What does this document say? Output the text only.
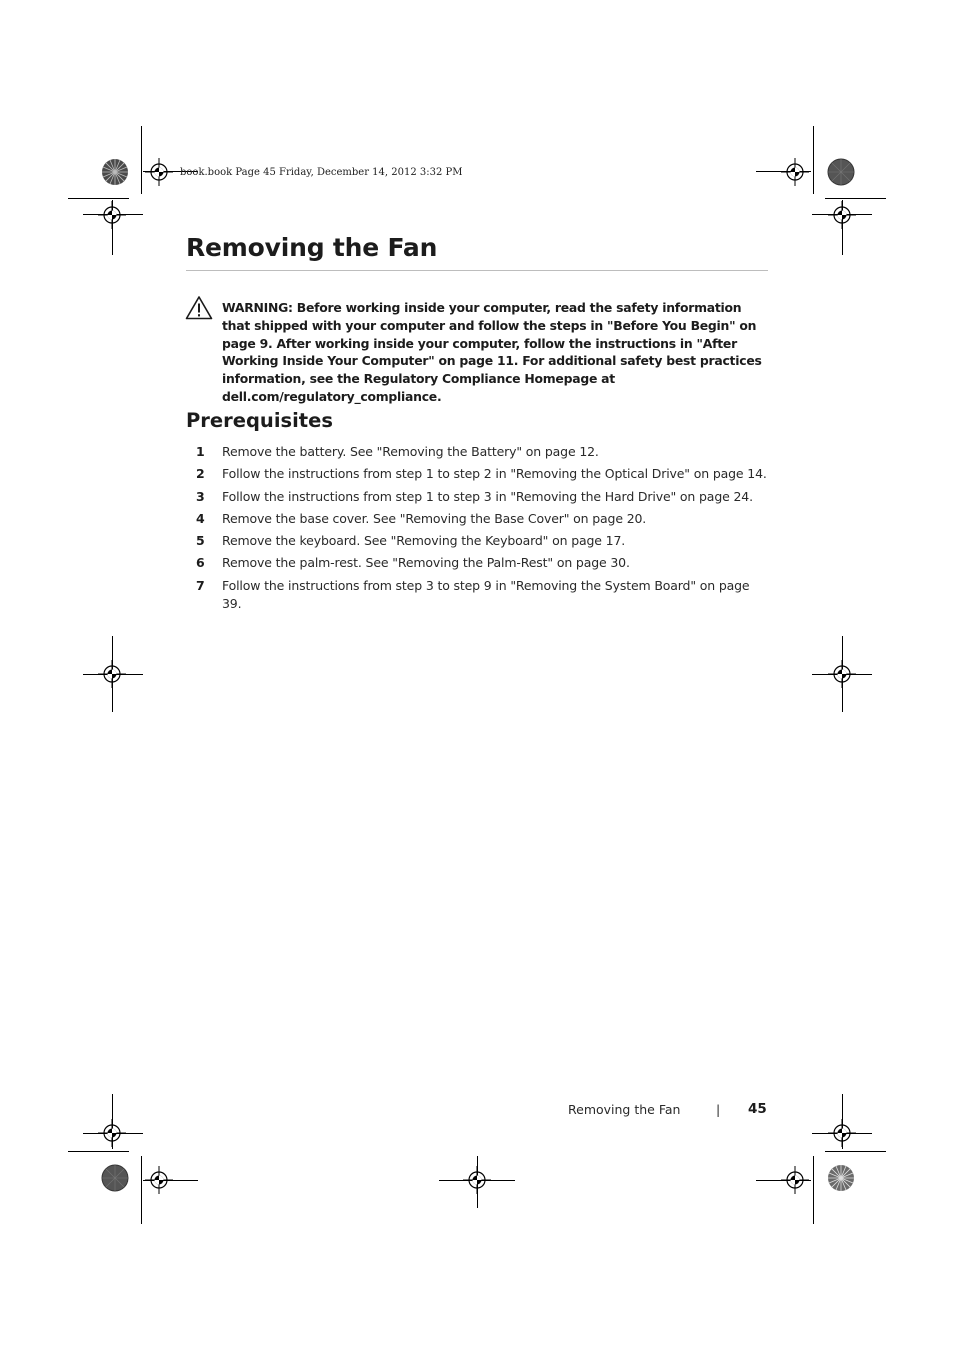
book.book Page 45 Friday, December 14, 2012 3:32 PM
Removing the Fan
WARNING: Before working inside your computer, read the safety information that shipped with your computer and follow the steps in "Before You Begin" on page 9. After working inside your computer, follow the instructions in "After Working Inside Your Computer" on page 11. For additional safety best practices information, see the Regulatory Compliance Homepage at dell.com/regulatory_compliance.
Prerequisites
1	Remove the battery. See "Removing the Battery" on page 12.
2	Follow the instructions from step 1 to step 2 in "Removing the Optical Drive" on page 14.
3	Follow the instructions from step 1 to step 3 in "Removing the Hard Drive" on page 24.
4	Remove the base cover. See "Removing the Base Cover" on page 20.
5	Remove the keyboard. See "Removing the Keyboard" on page 17.
6	Remove the palm-rest. See "Removing the Palm-Rest" on page 30.
7	Follow the instructions from step 3 to step 9 in "Removing the System Board" on page 39.
Removing the Fan	| 45
